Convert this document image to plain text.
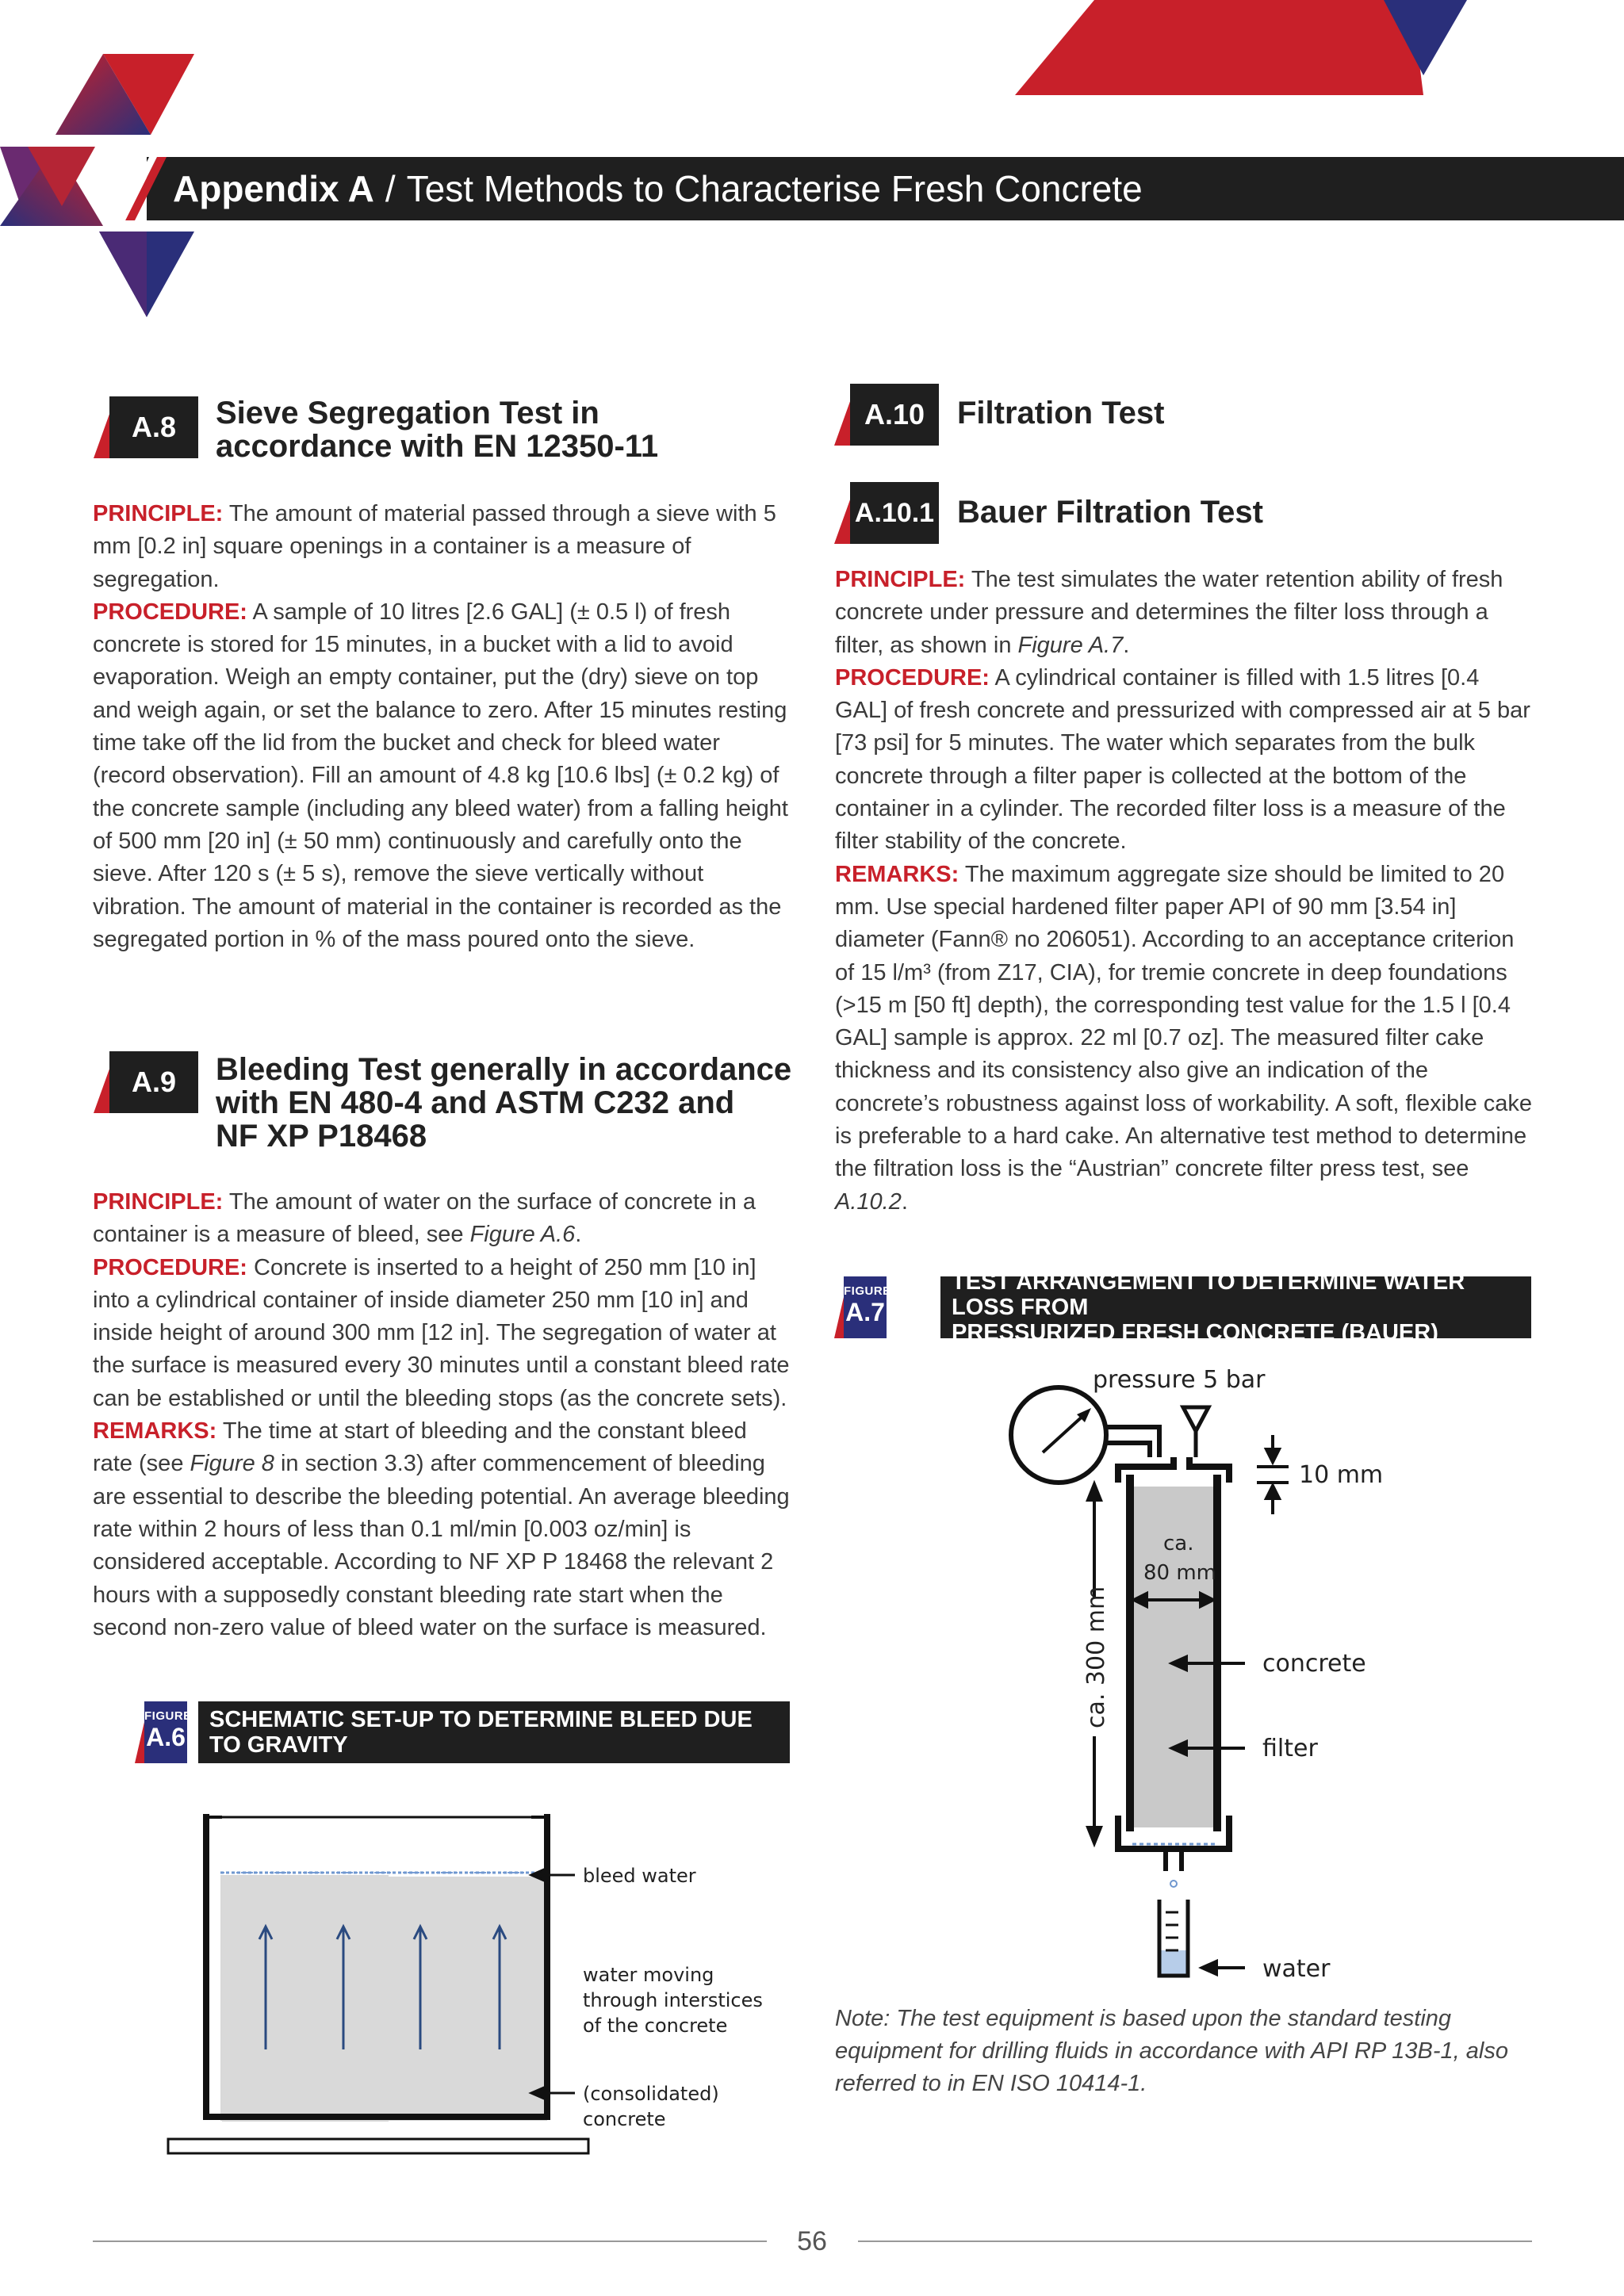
Appendix A / Test Methods to Characterise Fresh Concrete
A.8	Sieve Segregation Test in
accordance with EN 12350-11

PRINCIPLE: The amount of material passed through a sieve with 5 mm [0.2 in] square openings in a container is a measure of segregation.

PROCEDURE: A sample of 10 litres [2.6 GAL] (± 0.5 l) of fresh concrete is stored for 15 minutes, in a bucket with a lid to avoid evaporation. Weigh an empty container, put the (dry) sieve on top and weigh again, or set the balance to zero. After 15 minutes resting time take off the lid from the bucket and check for bleed water (record observation). Fill an amount of 4.8 kg [10.6 lbs] (± 0.2 kg) of the concrete sample (including any bleed water) from a falling height of 500 mm [20 in] (± 50 mm) continuously and carefully onto the sieve. After 120 s (± 5 s), remove the sieve vertically without vibration. The amount of material in the container is recorded as the segregated portion in % of the mass poured onto the sieve.

A.9	Bleeding Test generally in accordance
with EN 480-4 and ASTM C232 and
NF XP P18468

PRINCIPLE: The amount of water on the surface of concrete in a container is a measure of bleed, see Figure A.6.

PROCEDURE: Concrete is inserted to a height of 250 mm [10 in] into a cylindrical container of inside diameter 250 mm [10 in] and inside height of around 300 mm [12 in]. The segregation of water at the surface is measured every 30 minutes until a constant bleed rate can be established or until the bleeding stops (as the concrete sets).

REMARKS: The time at start of bleeding and the constant bleed rate (see Figure 8 in section 3.3) after commencement of bleeding are essential to describe the bleeding potential. An average bleeding rate within 2 hours of less than 0.1 ml/min [0.003 oz/min] is considered acceptable. According to NF XP P 18468 the relevant 2 hours with a supposedly constant bleeding rate start when the second non-zero value of bleed water on the surface is measured.

FIGURE
A.6
SCHEMATIC SET-UP TO DETERMINE BLEED DUE TO GRAVITY
bleed water
water moving
through interstices
of the concrete
(consolidated)
concrete
A.10	Filtration Test
A.10.1 Bauer Filtration Test

PRINCIPLE: The test simulates the water retention ability of fresh concrete under pressure and determines the filter loss through a filter, as shown in Figure A.7.

PROCEDURE: A cylindrical container is filled with 1.5 litres [0.4 GAL] of fresh concrete and pressurized with compressed air at 5 bar [73 psi] for 5 minutes. The water which separates from the bulk concrete through a filter paper is collected at the bottom of the container in a cylinder. The recorded filter loss is a measure of the filter stability of the concrete.

REMARKS: The maximum aggregate size should be limited to 20 mm. Use special hardened filter paper API of 90 mm [3.54 in] diameter (Fann® no 206051). According to an acceptance criterion of 15 l/m³ (from Z17, CIA), for tremie concrete in deep foundations (>15 m [50 ft] depth), the corresponding test value for the 1.5 l [0.4 GAL] sample is approx. 22 ml [0.7 oz]. The measured filter cake thickness and its consistency also give an indication of the concrete’s robustness against loss of workability. A soft, flexible cake is preferable to a hard cake. An alternative test method to determine the filtration loss is the “Austrian” concrete filter press test, see A.10.2.

FIGURE
A.7
TEST ARRANGEMENT TO DETERMINE WATER LOSS FROM
PRESSURIZED FRESH CONCRETE (BAUER)
10 mm
pressure 5 bar
ca.
80 mm
ca. 300 mm	concrete
filter
water
Note: The test equipment is based upon the standard testing equipment for drilling fluids in accordance with API RP 13B-1, also referred to in EN ISO 10414-1.
56
